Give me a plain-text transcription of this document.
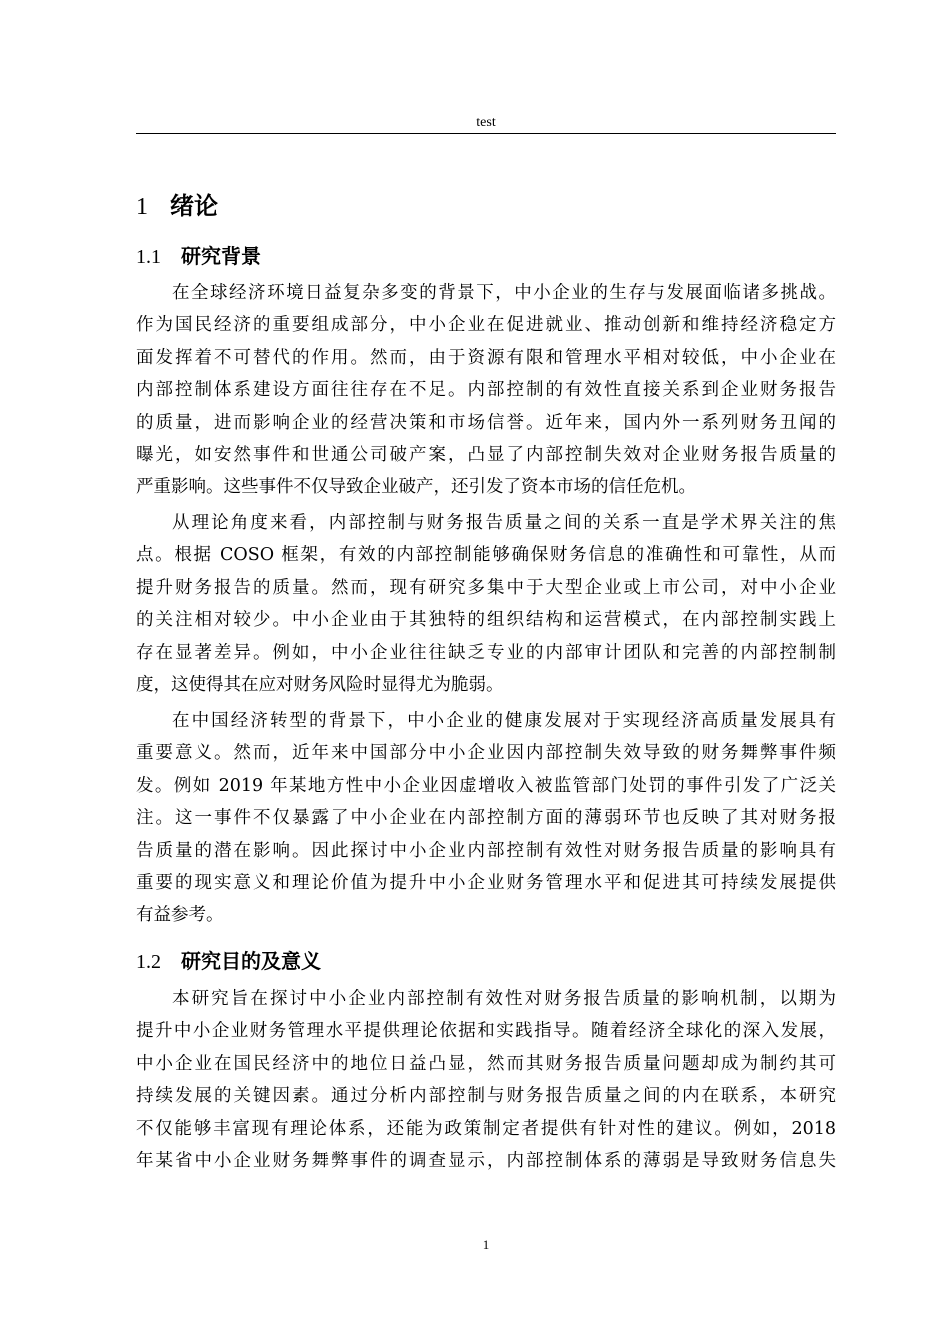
test
1 绪论
1.1 研究背景
在全球经济环境日益复杂多变的背景下，中小企业的生存与发展面临诸多挑战。
作为国民经济的重要组成部分，中小企业在促进就业、推动创新和维持经济稳定方
面发挥着不可替代的作用。然而，由于资源有限和管理水平相对较低，中小企业在
内部控制体系建设方面往往存在不足。内部控制的有效性直接关系到企业财务报告
的质量，进而影响企业的经营决策和市场信誉。近年来，国内外一系列财务丑闻的
曝光，如安然事件和世通公司破产案，凸显了内部控制失效对企业财务报告质量的
严重影响。这些事件不仅导致企业破产，还引发了资本市场的信任危机。
从理论角度来看，内部控制与财务报告质量之间的关系一直是学术界关注的焦
点。根据 COSO 框架，有效的内部控制能够确保财务信息的准确性和可靠性，从而
提升财务报告的质量。然而，现有研究多集中于大型企业或上市公司，对中小企业
的关注相对较少。中小企业由于其独特的组织结构和运营模式，在内部控制实践上
存在显著差异。例如，中小企业往往缺乏专业的内部审计团队和完善的内部控制制
度，这使得其在应对财务风险时显得尤为脆弱。
在中国经济转型的背景下，中小企业的健康发展对于实现经济高质量发展具有
重要意义。然而，近年来中国部分中小企业因内部控制失效导致的财务舞弊事件频
发。例如 2019 年某地方性中小企业因虚增收入被监管部门处罚的事件引发了广泛关
注。这一事件不仅暴露了中小企业在内部控制方面的薄弱环节也反映了其对财务报
告质量的潜在影响。因此探讨中小企业内部控制有效性对财务报告质量的影响具有
重要的现实意义和理论价值为提升中小企业财务管理水平和促进其可持续发展提供
有益参考。
1.2 研究目的及意义
本研究旨在探讨中小企业内部控制有效性对财务报告质量的影响机制，以期为
提升中小企业财务管理水平提供理论依据和实践指导。随着经济全球化的深入发展，
中小企业在国民经济中的地位日益凸显，然而其财务报告质量问题却成为制约其可
持续发展的关键因素。通过分析内部控制与财务报告质量之间的内在联系，本研究
不仅能够丰富现有理论体系，还能为政策制定者提供有针对性的建议。例如，2018
年某省中小企业财务舞弊事件的调查显示，内部控制体系的薄弱是导致财务信息失
1
